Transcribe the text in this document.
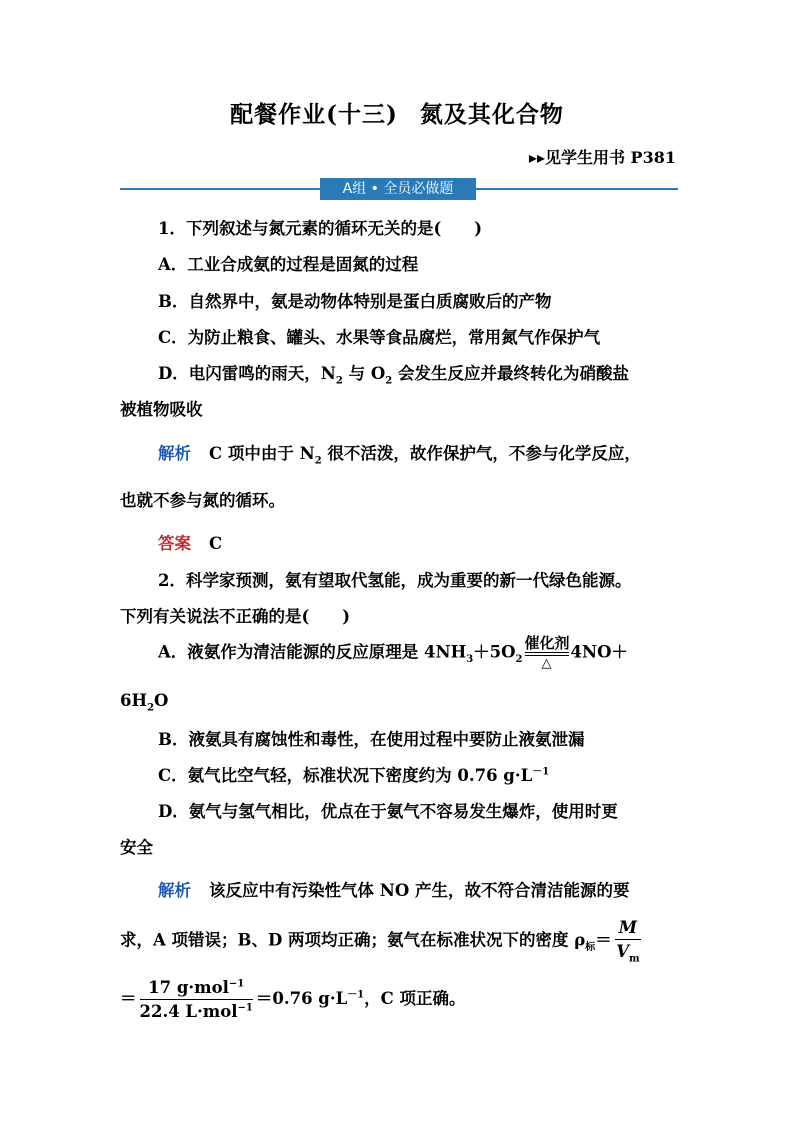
配餐作业(十三) 氮及其化合物
▸▸见学生用书 P381
A组 • 全员必做题
1．下列叙述与氮元素的循环无关的是(　　)
A．工业合成氨的过程是固氮的过程
B．自然界中，氨是动物体特别是蛋白质腐败后的产物
C．为防止粮食、罐头、水果等食品腐烂，常用氮气作保护气
D．电闪雷鸣的雨天，$N_2$ 与 $O_2$ 会发生反应并最终转化为硝酸盐
被植物吸收
解析 C 项中由于 $N_2$ 很不活泼，故作保护气，不参与化学反应，
也就不参与氮的循环。
答案 C
2．科学家预测，氨有望取代氢能，成为重要的新一代绿色能源。
下列有关说法不正确的是(　　)
A．液氨作为清洁能源的反应原理是 $4NH_3+5O_2$
催化剂
△
4NO＋
$6H_2O$
B．液氨具有腐蚀性和毒性，在使用过程中要防止液氨泄漏
C．氨气比空气轻，标准状况下密度约为 0.76 $g\cdot L^{-1}$
D．氨气与氢气相比，优点在于氨气不容易发生爆炸，使用时更
安全
解析 该反应中有污染性气体 NO 产生，故不符合清洁能源的要
求，A 项错误；B、D 两项均正确；氨气在标准状况下的密度 $\rho_标= \frac{M}{V_m}$
＝ $\frac{17 g\cdot mol^{-1}}{22.4 L\cdot mol^{-1}} =0.76$ $g\cdot L^{-1}$，C 项正确。
